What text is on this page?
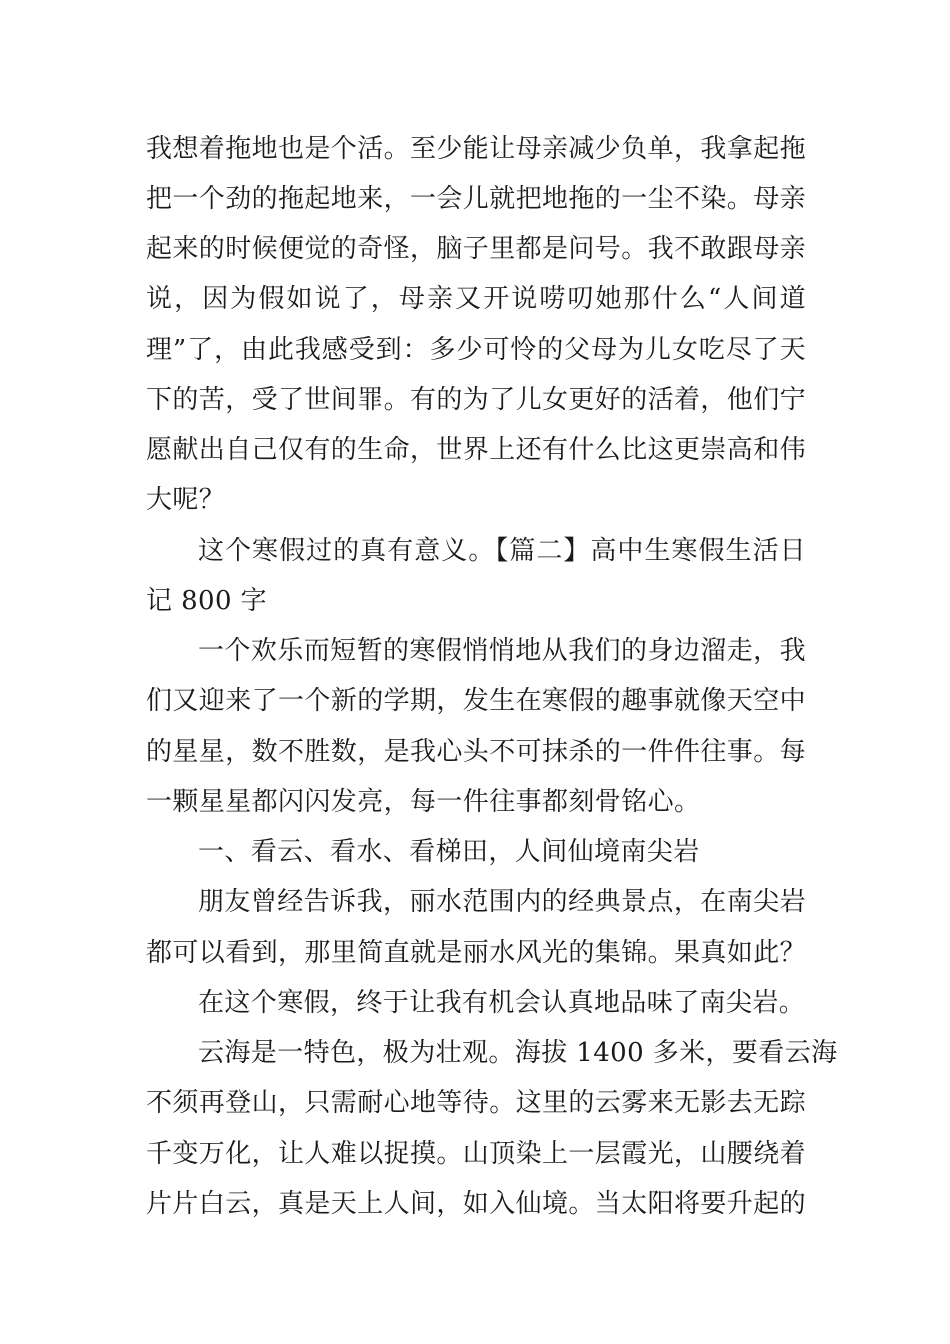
我想着拖地也是个活。至少能让母亲减少负单，我拿起拖
把一个劲的拖起地来，一会儿就把地拖的一尘不染。母亲
起来的时候便觉的奇怪，脑子里都是问号。我不敢跟母亲
说，因为假如说了，母亲又开说唠叨她那什么“人间道
理”了，由此我感受到：多少可怜的父母为儿女吃尽了天
下的苦，受了世间罪。有的为了儿女更好的活着，他们宁
愿献出自己仅有的生命，世界上还有什么比这更崇高和伟
大呢？
这个寒假过的真有意义。【篇二】高中生寒假生活日
记 800 字
一个欢乐而短暂的寒假悄悄地从我们的身边溜走，我
们又迎来了一个新的学期，发生在寒假的趣事就像天空中
的星星，数不胜数，是我心头不可抹杀的一件件往事。每
一颗星星都闪闪发亮，每一件往事都刻骨铭心。
一、看云、看水、看梯田，人间仙境南尖岩
朋友曾经告诉我，丽水范围内的经典景点，在南尖岩
都可以看到，那里简直就是丽水风光的集锦。果真如此？
在这个寒假，终于让我有机会认真地品味了南尖岩。
云海是一特色，极为壮观。海拔 1400 多米，要看云海
不须再登山，只需耐心地等待。这里的云雾来无影去无踪
千变万化，让人难以捉摸。山顶染上一层霞光，山腰绕着
片片白云，真是天上人间，如入仙境。当太阳将要升起的
